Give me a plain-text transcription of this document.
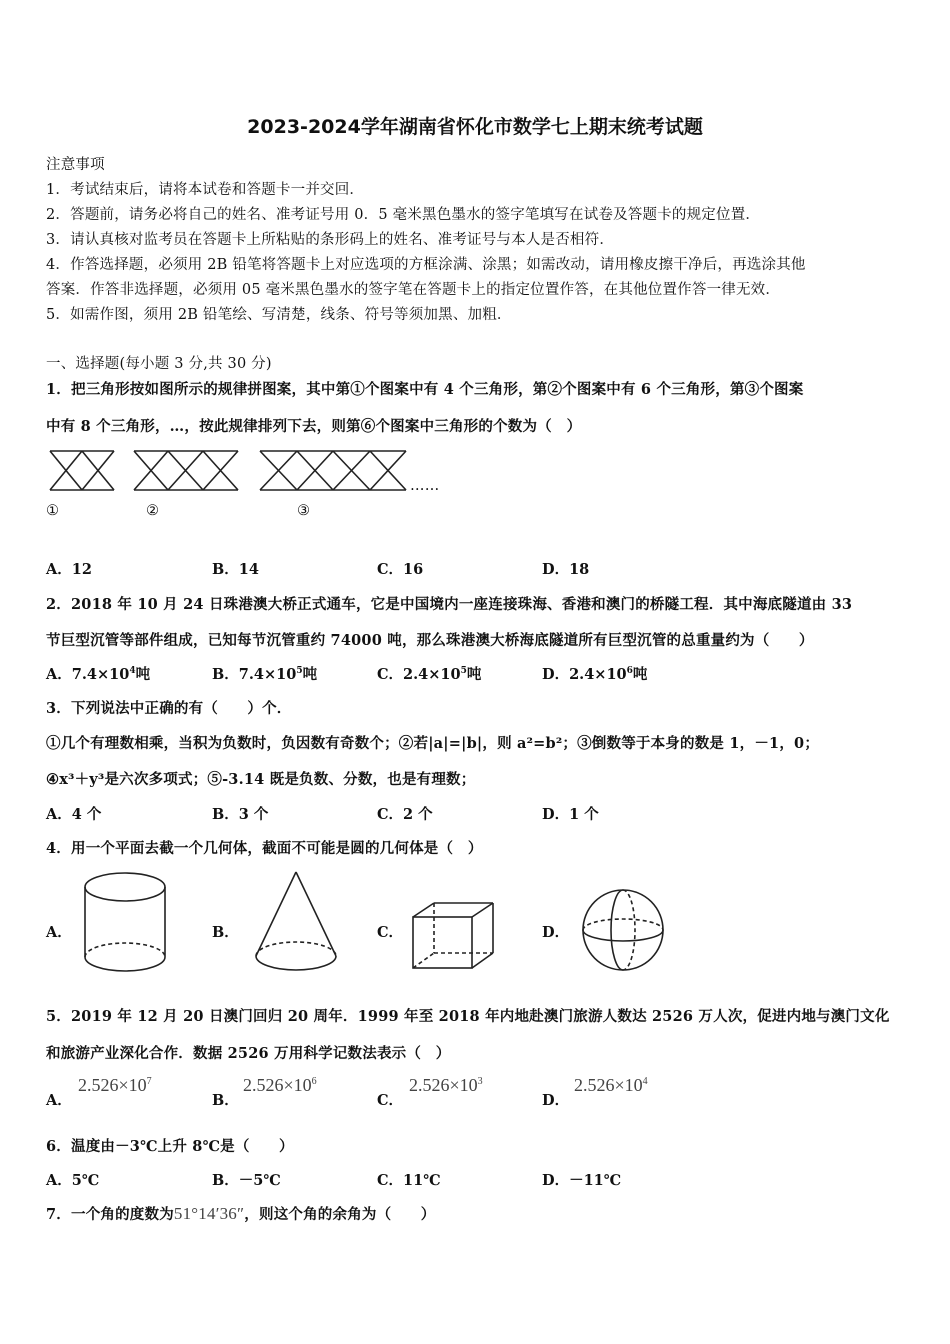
2023-2024学年湖南省怀化市数学七上期末统考试题
注意事项
1．考试结束后，请将本试卷和答题卡一并交回．
2．答题前，请务必将自己的姓名、准考证号用 0．5 毫米黑色墨水的签字笔填写在试卷及答题卡的规定位置．
3．请认真核对监考员在答题卡上所粘贴的条形码上的姓名、准考证号与本人是否相符．
4．作答选择题，必须用 2B 铅笔将答题卡上对应选项的方框涂满、涂黑；如需改动，请用橡皮擦干净后，再选涂其他
答案．作答非选择题，必须用 05 毫米黑色墨水的签字笔在答题卡上的指定位置作答，在其他位置作答一律无效．
5．如需作图，须用 2B 铅笔绘、写清楚，线条、符号等须加黑、加粗．
一、选择题(每小题 3 分,共 30 分)
1．把三角形按如图所示的规律拼图案，其中第①个图案中有 4 个三角形，第②个图案中有 6 个三角形，第③个图案
中有 8 个三角形，…，按此规律排列下去，则第⑥个图案中三角形的个数为（　）
……
①	②	③
A．12	B．14	C．16	D．18
2．2018 年 10 月 24 日珠港澳大桥正式通车，它是中国境内一座连接珠海、香港和澳门的桥隧工程．其中海底隧道由 33
节巨型沉管等部件组成，已知每节沉管重约 74000 吨，那么珠港澳大桥海底隧道所有巨型沉管的总重量约为（　　）
A．$7.4\times 10^4$吨	B．$7.4\times 10^5$吨	C．$2.4\times 10^5$吨	D．$2.4\times 10^6$吨
3．下列说法中正确的有（　　）个．
①几个有理数相乘，当积为负数时，负因数有奇数个；②若|a|=|b|，则 a²=b²；③倒数等于本身的数是 1，－1，0；
④x³＋y³是六次多项式；⑤-3.14 既是负数、分数，也是有理数；
A．4 个	B．3 个	C．2 个	D．1 个
4．用一个平面去截一个几何体，截面不可能是圆的几何体是（　）
A．	B．	C．	D．
5．2019 年 12 月 20 日澳门回归 20 周年．1999 年至 2018 年内地赴澳门旅游人数达 2526 万人次，促进内地与澳门文化
和旅游产业深化合作．数据 2526 万用科学记数法表示（　）
A．
$2.526\times 10^7$
B．
$2.526\times 10^6$
C．
$2.526\times 10^3$
D．
$2.526\times 10^4$
6．温度由－3℃上升 8℃是（　　）
A．5℃	B．－5℃	C．11℃	D．－11℃
7．一个角的度数为51°14′36″，则这个角的余角为（　　）
